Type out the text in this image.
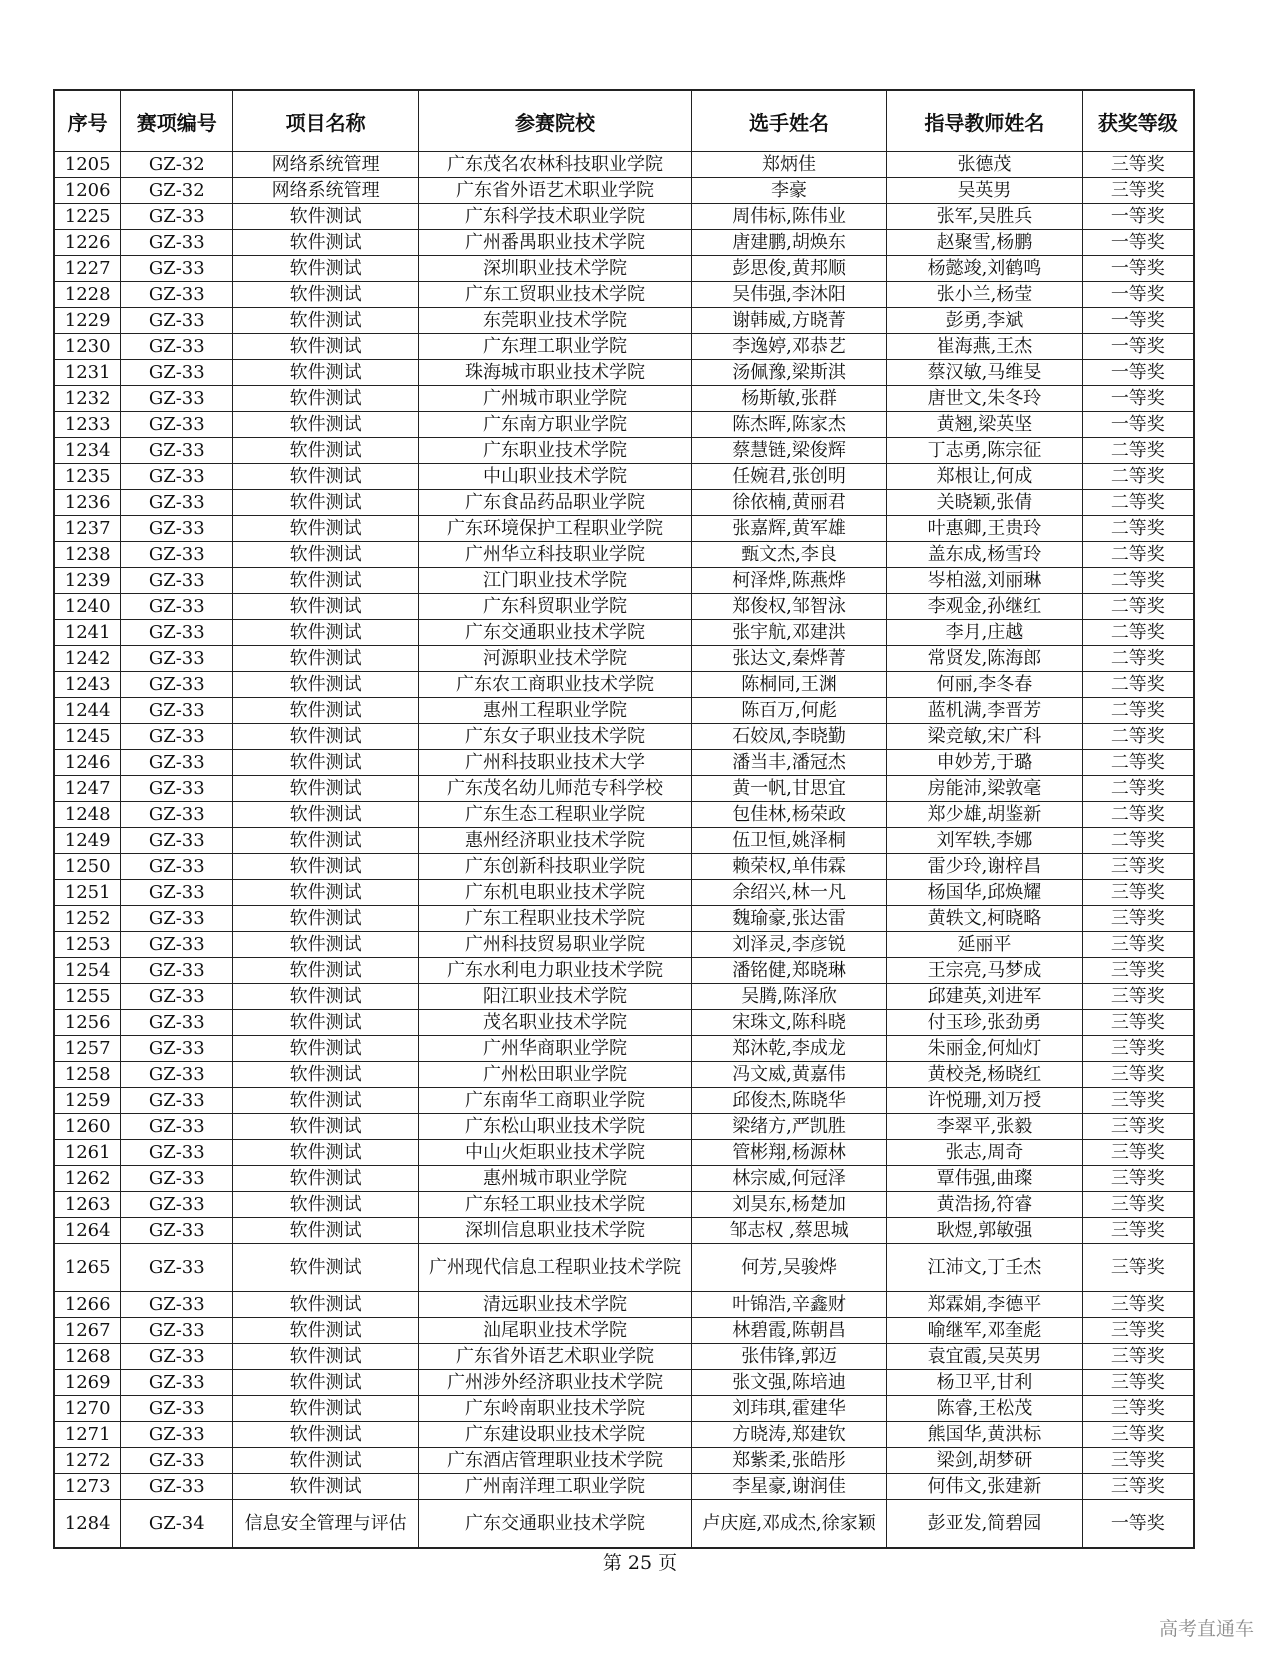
序号	赛项编号	项目名称	参赛院校	选手姓名	指导教师姓名	获奖等级
1205	GZ-32	网络系统管理	广东茂名农林科技职业学院	郑炳佳	张德茂	三等奖
1206	GZ-32	网络系统管理	广东省外语艺术职业学院	李豪	吴英男	三等奖
1225	GZ-33	软件测试	广东科学技术职业学院	周伟标,陈伟业	张军,吴胜兵	一等奖
1226	GZ-33	软件测试	广州番禺职业技术学院	唐建鹏,胡焕东	赵聚雪,杨鹏	一等奖
1227	GZ-33	软件测试	深圳职业技术学院	彭思俊,黄邦顺	杨懿竣,刘鹤鸣	一等奖
1228	GZ-33	软件测试	广东工贸职业技术学院	吴伟强,李沐阳	张小兰,杨莹	一等奖
1229	GZ-33	软件测试	东莞职业技术学院	谢韩威,方晓菁	彭勇,李斌	一等奖
1230	GZ-33	软件测试	广东理工职业学院	李逸婷,邓恭艺	崔海燕,王杰	一等奖
1231	GZ-33	软件测试	珠海城市职业技术学院	汤佩豫,梁斯淇	蔡汉敏,马维旻	一等奖
1232	GZ-33	软件测试	广州城市职业学院	杨斯敏,张群	唐世文,朱冬玲	一等奖
1233	GZ-33	软件测试	广东南方职业学院	陈杰晖,陈家杰	黄翘,梁英坚	一等奖
1234	GZ-33	软件测试	广东职业技术学院	蔡慧链,梁俊辉	丁志勇,陈宗征	二等奖
1235	GZ-33	软件测试	中山职业技术学院	任婉君,张创明	郑根让,何成	二等奖
1236	GZ-33	软件测试	广东食品药品职业学院	徐依楠,黄丽君	关晓颖,张倩	二等奖
1237	GZ-33	软件测试	广东环境保护工程职业学院	张嘉辉,黄军雄	叶惠卿,王贵玲	二等奖
1238	GZ-33	软件测试	广州华立科技职业学院	甄文杰,李良	盖东成,杨雪玲	二等奖
1239	GZ-33	软件测试	江门职业技术学院	柯泽烨,陈燕烨	岑柏滋,刘丽琳	二等奖
1240	GZ-33	软件测试	广东科贸职业学院	郑俊权,邹智泳	李观金,孙继红	二等奖
1241	GZ-33	软件测试	广东交通职业技术学院	张宇航,邓建洪	李月,庄越	二等奖
1242	GZ-33	软件测试	河源职业技术学院	张达文,秦烨菁	常贤发,陈海郎	二等奖
1243	GZ-33	软件测试	广东农工商职业技术学院	陈桐同,王渊	何丽,李冬春	二等奖
1244	GZ-33	软件测试	惠州工程职业学院	陈百万,何彪	蓝机满,李晋芳	二等奖
1245	GZ-33	软件测试	广东女子职业技术学院	石姣凤,李晓勤	梁竞敏,宋广科	二等奖
1246	GZ-33	软件测试	广州科技职业技术大学	潘当丰,潘冠杰	申妙芳,于璐	二等奖
1247	GZ-33	软件测试	广东茂名幼儿师范专科学校	黄一帆,甘思宜	房能沛,梁敦毫	二等奖
1248	GZ-33	软件测试	广东生态工程职业学院	包佳林,杨荣政	郑少雄,胡鉴新	二等奖
1249	GZ-33	软件测试	惠州经济职业技术学院	伍卫恒,姚泽桐	刘军轶,李娜	二等奖
1250	GZ-33	软件测试	广东创新科技职业学院	赖荣权,单伟霖	雷少玲,谢梓昌	三等奖
1251	GZ-33	软件测试	广东机电职业技术学院	余绍兴,林一凡	杨国华,邱焕耀	三等奖
1252	GZ-33	软件测试	广东工程职业技术学院	魏瑜豪,张达雷	黄轶文,柯晓略	三等奖
1253	GZ-33	软件测试	广州科技贸易职业学院	刘泽灵,李彦锐	延丽平	三等奖
1254	GZ-33	软件测试	广东水利电力职业技术学院	潘铭健,郑晓琳	王宗亮,马梦成	三等奖
1255	GZ-33	软件测试	阳江职业技术学院	吴腾,陈泽欣	邱建英,刘进军	三等奖
1256	GZ-33	软件测试	茂名职业技术学院	宋珠文,陈科晓	付玉珍,张劲勇	三等奖
1257	GZ-33	软件测试	广州华商职业学院	郑沐乾,李成龙	朱丽金,何灿灯	三等奖
1258	GZ-33	软件测试	广州松田职业学院	冯文威,黄嘉伟	黄校尧,杨晓红	三等奖
1259	GZ-33	软件测试	广东南华工商职业学院	邱俊杰,陈晓华	许悦珊,刘万授	三等奖
1260	GZ-33	软件测试	广东松山职业技术学院	梁绪方,严凯胜	李翠平,张毅	三等奖
1261	GZ-33	软件测试	中山火炬职业技术学院	管彬翔,杨源林	张志,周奇	三等奖
1262	GZ-33	软件测试	惠州城市职业学院	林宗威,何冠泽	覃伟强,曲璨	三等奖
1263	GZ-33	软件测试	广东轻工职业技术学院	刘昊东,杨楚加	黄浩扬,符睿	三等奖
1264	GZ-33	软件测试	深圳信息职业技术学院	邹志权 ,蔡思城	耿煜,郭敏强	三等奖
1265	GZ-33	软件测试	广州现代信息工程职业技术学院	何芳,吴骏烨	江沛文,丁壬杰	三等奖
1266	GZ-33	软件测试	清远职业技术学院	叶锦浩,辛鑫财	郑霖娟,李德平	三等奖
1267	GZ-33	软件测试	汕尾职业技术学院	林碧霞,陈朝昌	喻继军,邓奎彪	三等奖
1268	GZ-33	软件测试	广东省外语艺术职业学院	张伟锋,郭迈	袁宜霞,吴英男	三等奖
1269	GZ-33	软件测试	广州涉外经济职业技术学院	张文强,陈培迪	杨卫平,甘利	三等奖
1270	GZ-33	软件测试	广东岭南职业技术学院	刘玮琪,霍建华	陈睿,王松茂	三等奖
1271	GZ-33	软件测试	广东建设职业技术学院	方晓涛,郑建钦	熊国华,黄洪标	三等奖
1272	GZ-33	软件测试	广东酒店管理职业技术学院	郑紫柔,张皓彤	梁剑,胡梦研	三等奖
1273	GZ-33	软件测试	广州南洋理工职业学院	李星豪,谢润佳	何伟文,张建新	三等奖
1284	GZ-34	信息安全管理与评估	广东交通职业技术学院	卢庆庭,邓成杰,徐家颖	彭亚发,简碧园	一等奖
第 25 页
高考直通车
